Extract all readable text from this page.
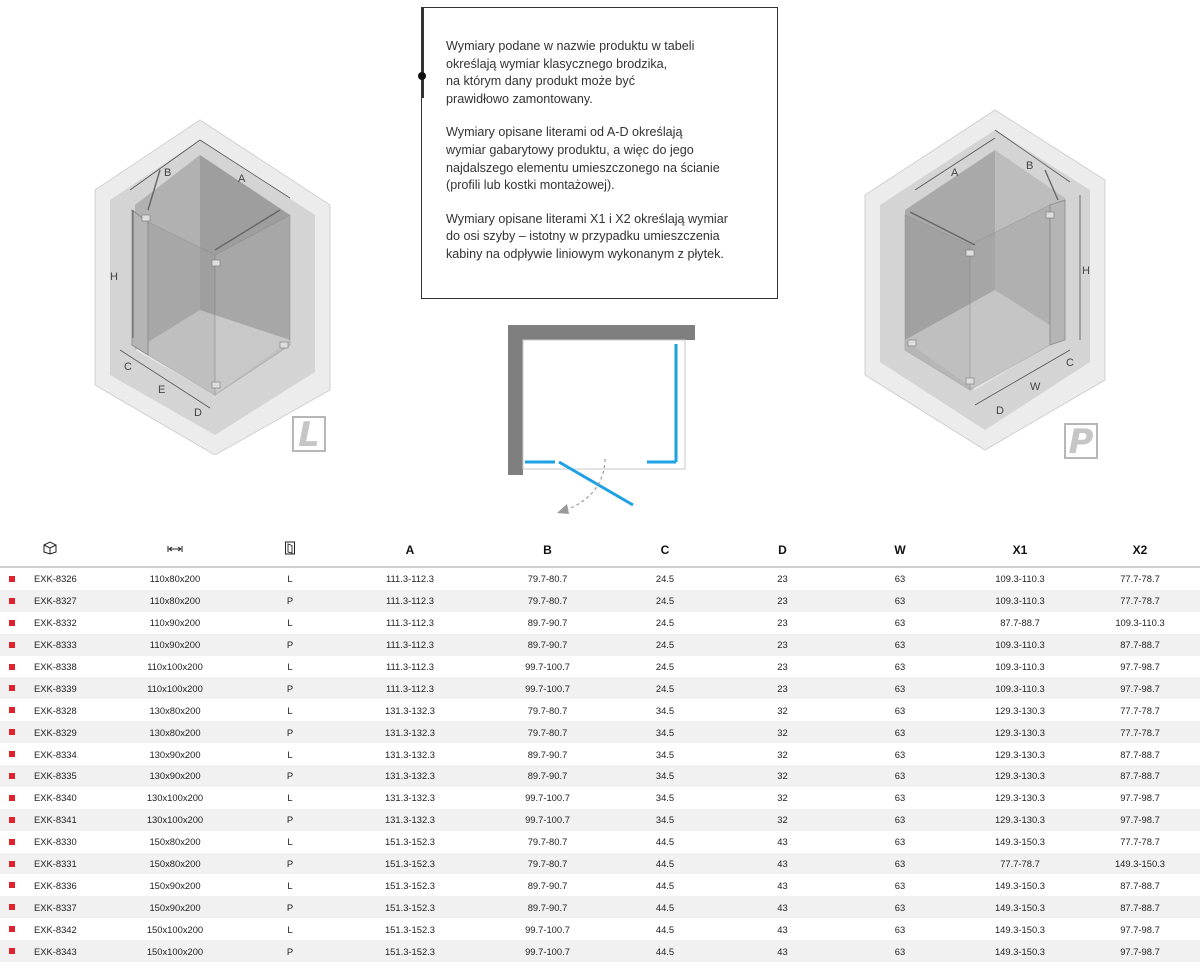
B	A
H
C
E
D
L
A
B
H
C
W
D
P

Wymiary podane w nazwie produktu w tabeli
określają wymiar klasycznego brodzika,
na którym dany produkt może być
prawidłowo zamontowany.

Wymiary opisane literami od A-D określają
wymiar gabarytowy produktu, a więc do jego
najdalszego elementu umieszczonego na ścianie
(profili lub kostki montażowej).

Wymiary opisane literami X1 i X2 określają wymiar
do osi szyby – istotny w przypadku umieszczenia
kabiny na odpływie liniowym wykonanym z płytek.

			A	B	C	D	W	X1	X2

EXK-8326	110x80x200	L	111.3-112.3	79.7-80.7	24.5	23	63	109.3-110.3	77.7-78.7

EXK-8327	110x80x200	P	111.3-112.3	79.7-80.7	24.5	23	63	109.3-110.3	77.7-78.7

EXK-8332	110x90x200	L	111.3-112.3	89.7-90.7	24.5	23	63	87.7-88.7	109.3-110.3

EXK-8333	110x90x200	P	111.3-112.3	89.7-90.7	24.5	23	63	109.3-110.3	87.7-88.7

EXK-8338	110x100x200	L	111.3-112.3	99.7-100.7	24.5	23	63	109.3-110.3	97.7-98.7

EXK-8339	110x100x200	P	111.3-112.3	99.7-100.7	24.5	23	63	109.3-110.3	97.7-98.7

EXK-8328	130x80x200	L	131.3-132.3	79.7-80.7	34.5	32	63	129.3-130.3	77.7-78.7

EXK-8329	130x80x200	P	131.3-132.3	79.7-80.7	34.5	32	63	129.3-130.3	77.7-78.7

EXK-8334	130x90x200	L	131.3-132.3	89.7-90.7	34.5	32	63	129.3-130.3	87.7-88.7

EXK-8335	130x90x200	P	131.3-132.3	89.7-90.7	34.5	32	63	129.3-130.3	87.7-88.7

EXK-8340	130x100x200	L	131.3-132.3	99.7-100.7	34.5	32	63	129.3-130.3	97.7-98.7

EXK-8341	130x100x200	P	131.3-132.3	99.7-100.7	34.5	32	63	129.3-130.3	97.7-98.7

EXK-8330	150x80x200	L	151.3-152.3	79.7-80.7	44.5	43	63	149.3-150.3	77.7-78.7

EXK-8331	150x80x200	P	151.3-152.3	79.7-80.7	44.5	43	63	77.7-78.7	149.3-150.3

EXK-8336	150x90x200	L	151.3-152.3	89.7-90.7	44.5	43	63	149.3-150.3	87.7-88.7

EXK-8337	150x90x200	P	151.3-152.3	89.7-90.7	44.5	43	63	149.3-150.3	87.7-88.7

EXK-8342	150x100x200	L	151.3-152.3	99.7-100.7	44.5	43	63	149.3-150.3	97.7-98.7

EXK-8343	150x100x200	P	151.3-152.3	99.7-100.7	44.5	43	63	149.3-150.3	97.7-98.7
